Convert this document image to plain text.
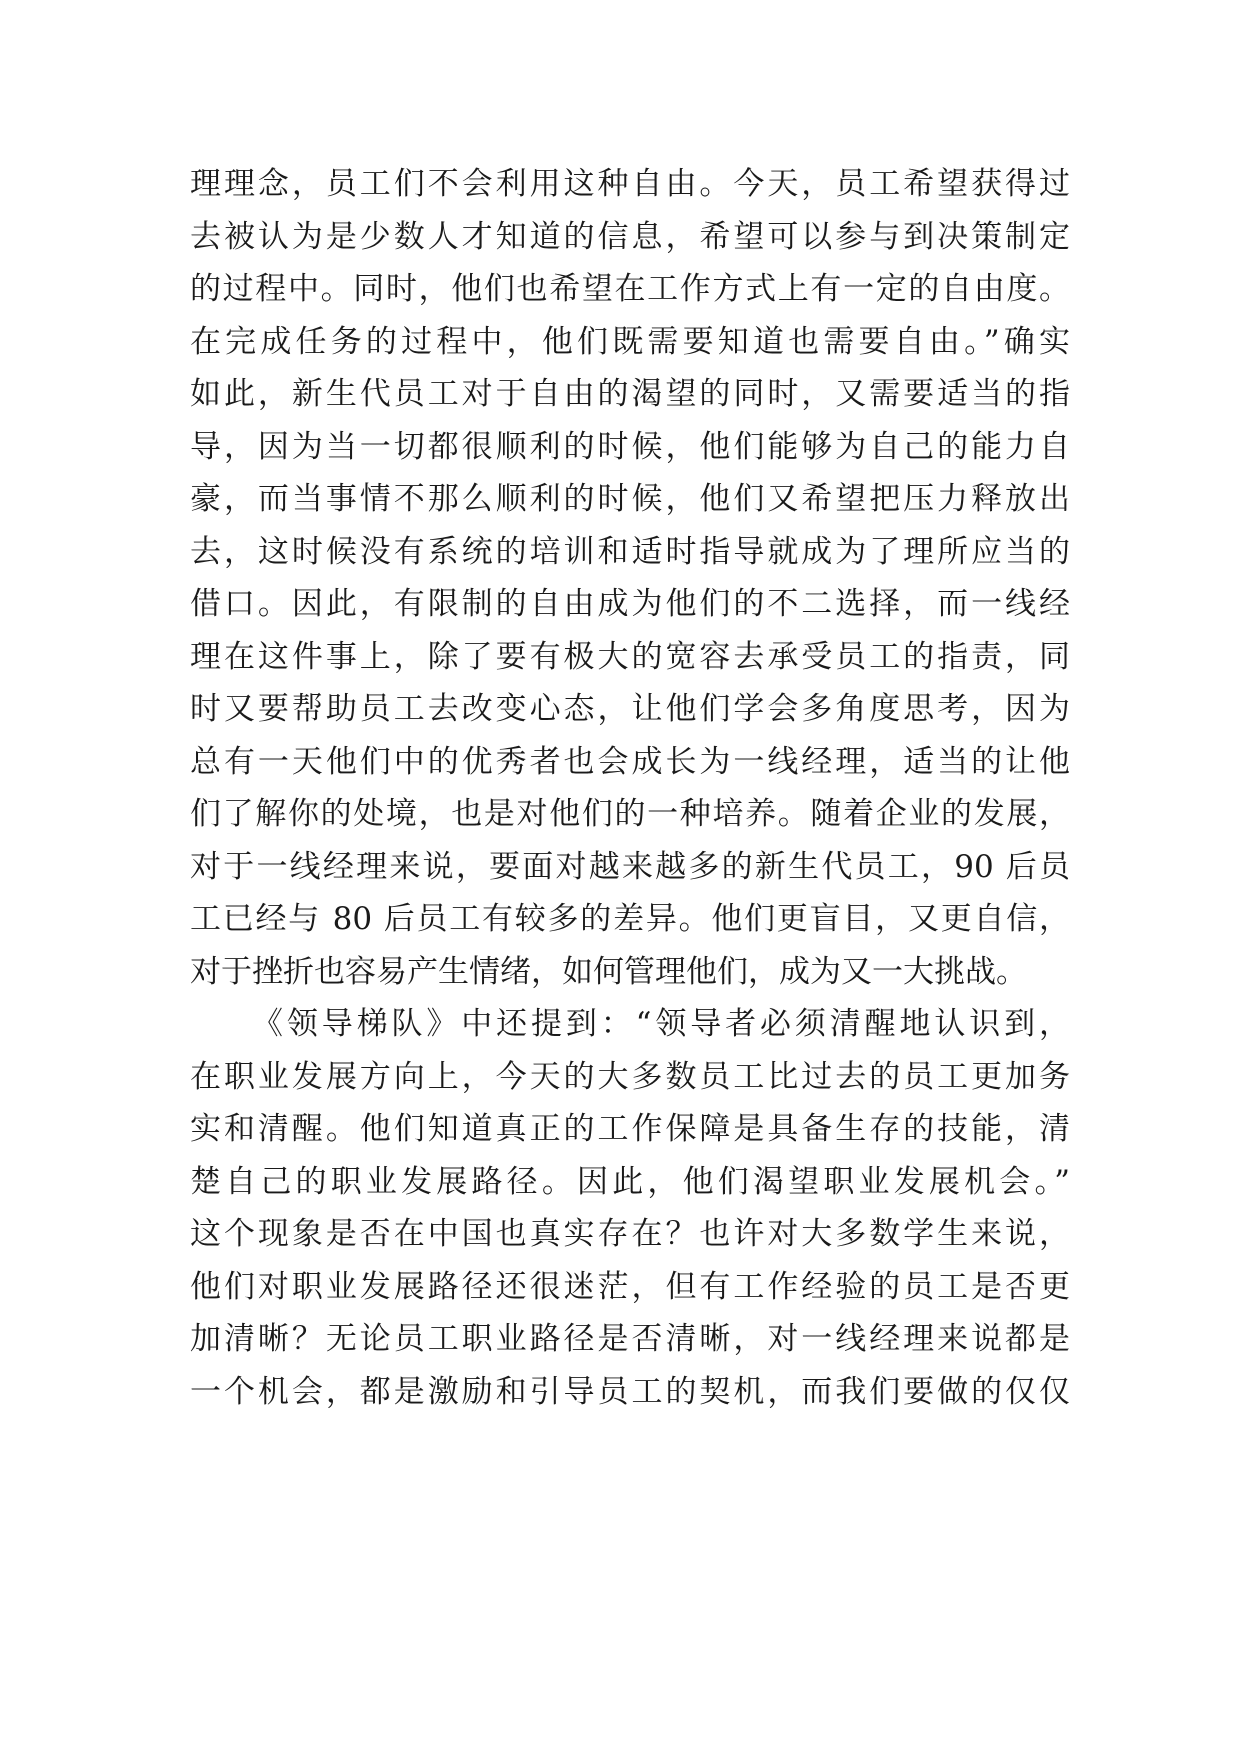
理理念，员工们不会利用这种自由。今天，员工希望获得过
去被认为是少数人才知道的信息，希望可以参与到决策制定
的过程中。同时，他们也希望在工作方式上有一定的自由度。
在完成任务的过程中，他们既需要知道也需要自由。”确实
如此，新生代员工对于自由的渴望的同时，又需要适当的指
导，因为当一切都很顺利的时候，他们能够为自己的能力自
豪，而当事情不那么顺利的时候，他们又希望把压力释放出
去，这时候没有系统的培训和适时指导就成为了理所应当的
借口。因此，有限制的自由成为他们的不二选择，而一线经
理在这件事上，除了要有极大的宽容去承受员工的指责，同
时又要帮助员工去改变心态，让他们学会多角度思考，因为
总有一天他们中的优秀者也会成长为一线经理，适当的让他
们了解你的处境，也是对他们的一种培养。随着企业的发展，
对于一线经理来说，要面对越来越多的新生代员工，90 后员
工已经与 80 后员工有较多的差异。他们更盲目，又更自信，
对于挫折也容易产生情绪，如何管理他们，成为又一大挑战。
《领导梯队》中还提到：“领导者必须清醒地认识到，
在职业发展方向上，今天的大多数员工比过去的员工更加务
实和清醒。他们知道真正的工作保障是具备生存的技能，清
楚自己的职业发展路径。因此，他们渴望职业发展机会。”
这个现象是否在中国也真实存在？也许对大多数学生来说，
他们对职业发展路径还很迷茫，但有工作经验的员工是否更
加清晰？无论员工职业路径是否清晰，对一线经理来说都是
一个机会，都是激励和引导员工的契机，而我们要做的仅仅
